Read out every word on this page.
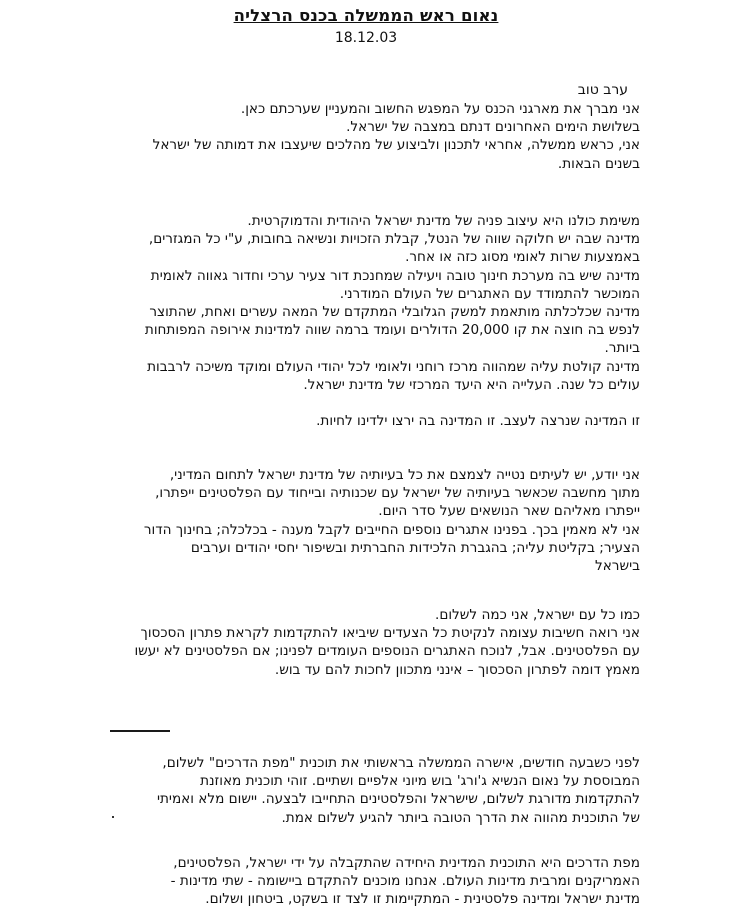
נאום ראש הממשלה בכנס הרצליה
18.12.03
ערב טוב
אני מברך את מארגני הכנס על המפגש החשוב והמעניין שערכתם כאן.
בשלושת הימים האחרונים דנתם במצבה של ישראל.
אני, כראש ממשלה, אחראי לתכנון ולביצוע של מהלכים שיעצבו את דמותה של ישראל
בשנים הבאות.
משימת כולנו היא עיצוב פניה של מדינת ישראל היהודית והדמוקרטית.
מדינה שבה יש חלוקה שווה של הנטל, קבלת הזכויות ונשיאה בחובות, ע"י כל המגזרים,
באמצעות שרות לאומי מסוג כזה או אחר.
מדינה שיש בה מערכת חינוך טובה ויעילה שמחנכת דור צעיר ערכי וחדור גאווה לאומית
המוכשר להתמודד עם האתגרים של העולם המודרני.
מדינה שכלכלתה מותאמת למשק הגלובלי המתקדם של המאה עשרים ואחת, שהתוצר
לנפש בה חוצה את קו 20,000 הדולרים ועומד ברמה שווה למדינות אירופה המפותחות
ביותר.
מדינה קולטת עליה שמהווה מרכז רוחני ולאומי לכל יהודי העולם ומוקד משיכה לרבבות
עולים כל שנה. העלייה היא היעד המרכזי של מדינת ישראל.
זו המדינה שנרצה לעצב. זו המדינה בה ירצו ילדינו לחיות.
אני יודע, יש לעיתים נטייה לצמצם את כל בעיותיה של מדינת ישראל לתחום המדיני,
מתוך מחשבה שכאשר בעיותיה של ישראל עם שכנותיה ובייחוד עם הפלסטינים ייפתרו,
ייפתרו מאליהם שאר הנושאים שעל סדר היום.
אני לא מאמין בכך. בפנינו אתגרים נוספים החייבים לקבל מענה - בכלכלה; בחינוך הדור
הצעיר; בקליטת עליה; בהגברת הלכידות החברתית ובשיפור יחסי יהודים וערבים
בישראל
כמו כל עם ישראל, אני כמה לשלום.
אני רואה חשיבות עצומה לנקיטת כל הצעדים שיביאו להתקדמות לקראת פתרון הסכסוך
עם הפלסטינים. אבל, לנוכח האתגרים הנוספים העומדים לפנינו; אם הפלסטינים לא יעשו
מאמץ דומה לפתרון הסכסוך – אינני מתכוון לחכות להם עד בוש.
לפני כשבעה חודשים, אישרה הממשלה בראשותי את תוכנית "מפת הדרכים" לשלום,
המבוססת על נאום הנשיא ג'ורג' בוש מיוני אלפיים ושתיים. זוהי תוכנית מאוזנת
להתקדמות מדורגת לשלום, שישראל והפלסטינים התחייבו לבצעה. יישום מלא ואמיתי
של התוכנית מהווה את הדרך הטובה ביותר להגיע לשלום אמת.
מפת הדרכים היא התוכנית המדינית היחידה שהתקבלה על ידי ישראל, הפלסטינים,
האמריקנים ומרבית מדינות העולם. אנחנו מוכנים להתקדם ביישומה - שתי מדינות -
מדינת ישראל ומדינה פלסטינית - המתקיימות זו לצד זו בשקט, ביטחון ושלום.
